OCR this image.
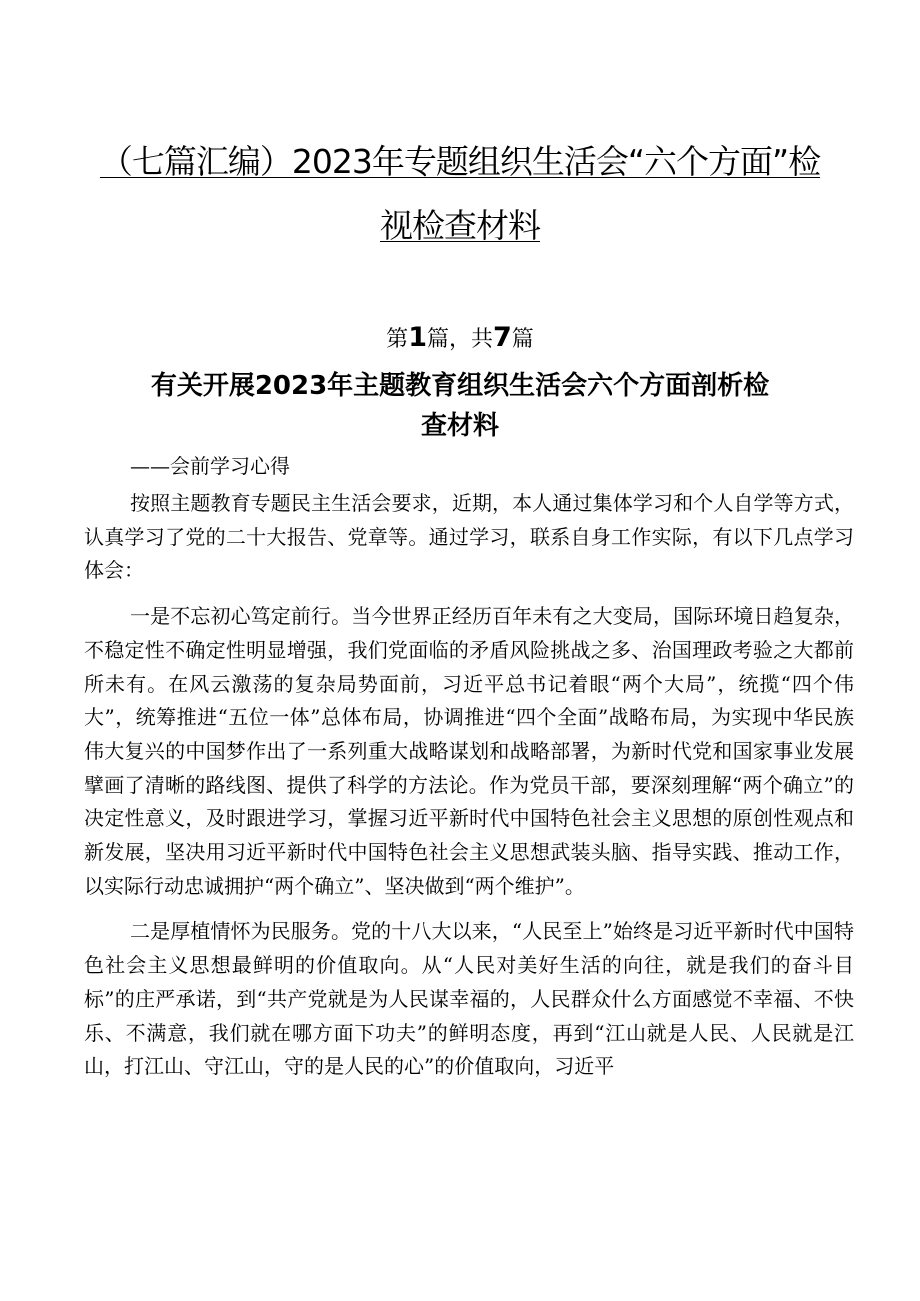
（七篇汇编）2023年专题组织生活会“六个方面”检
视检查材料
第1篇，共7篇
有关开展2023年主题教育组织生活会六个方面剖析检
查材料

——会前学习心得

按照主题教育专题民主生活会要求，近期，本人通过集体学习和个人自学等方式，认真学习了党的二十大报告、党章等。通过学习，联系自身工作实际，有以下几点学习体会：

一是不忘初心笃定前行。当今世界正经历百年未有之大变局，国际环境日趋复杂，不稳定性不确定性明显增强，我们党面临的矛盾风险挑战之多、治国理政考验之大都前所未有。在风云激荡的复杂局势面前，习近平总书记着眼“两个大局”，统揽“四个伟大”，统筹推进“五位一体”总体布局，协调推进“四个全面”战略布局，为实现中华民族伟大复兴的中国梦作出了一系列重大战略谋划和战略部署，为新时代党和国家事业发展擘画了清晰的路线图、提供了科学的方法论。作为党员干部，要深刻理解“两个确立”的决定性意义，及时跟进学习，掌握习近平新时代中国特色社会主义思想的原创性观点和新发展，坚决用习近平新时代中国特色社会主义思想武装头脑、指导实践、推动工作，以实际行动忠诚拥护“两个确立”、坚决做到“两个维护”。

二是厚植情怀为民服务。党的十八大以来，“人民至上”始终是习近平新时代中国特色社会主义思想最鲜明的价值取向。从“人民对美好生活的向往，就是我们的奋斗目标”的庄严承诺，到“共产党就是为人民谋幸福的，人民群众什么方面感觉不幸福、不快乐、不满意，我们就在哪方面下功夫”的鲜明态度，再到“江山就是人民、人民就是江山，打江山、守江山，守的是人民的心”的价值取向，习近平
